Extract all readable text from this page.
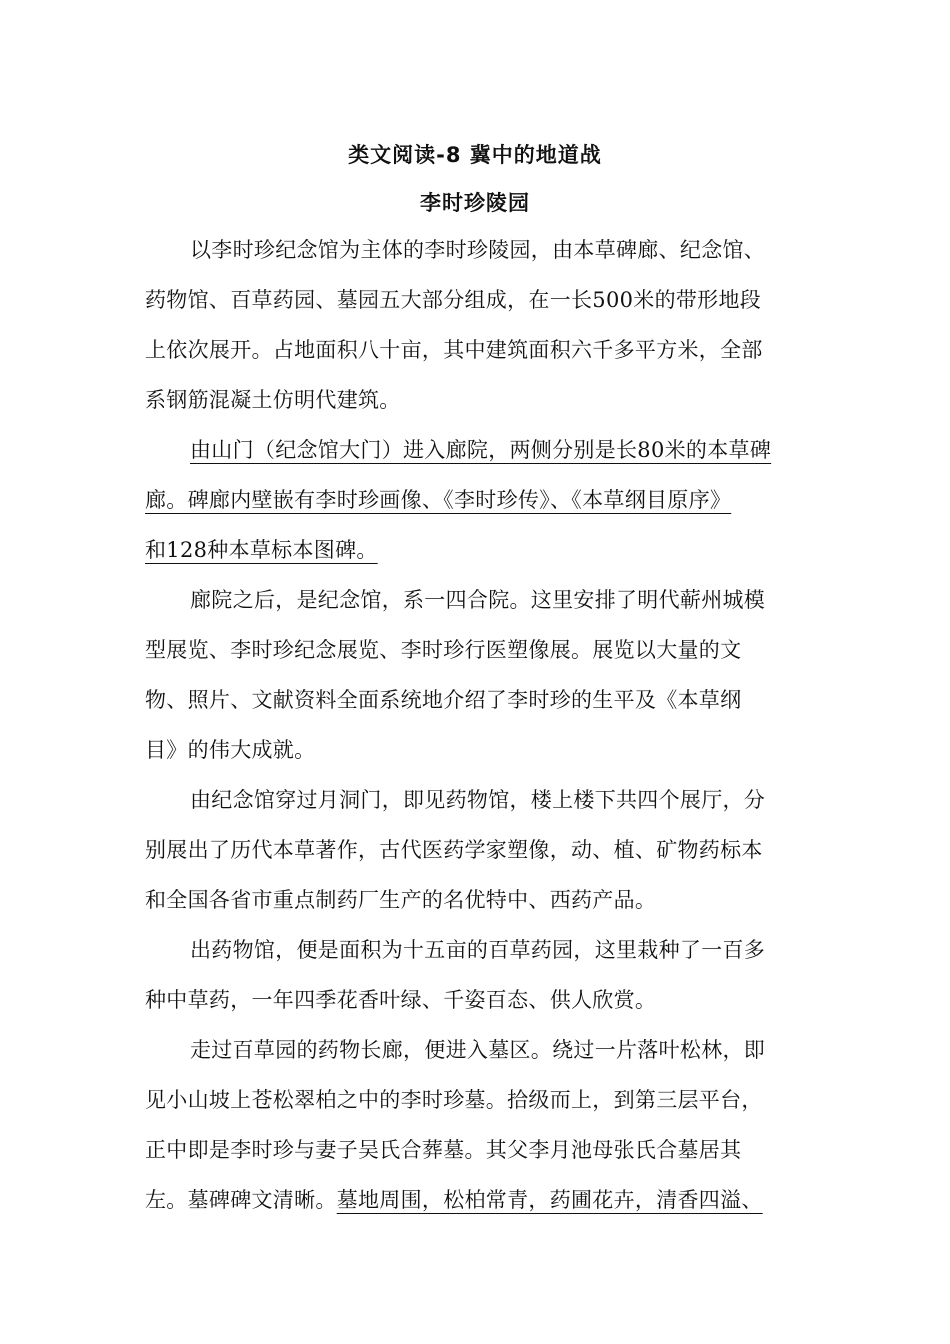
类文阅读-8 冀中的地道战
李时珍陵园
以李时珍纪念馆为主体的李时珍陵园，由本草碑廊、纪念馆、
药物馆、百草药园、墓园五大部分组成，在一长500米的带形地段
上依次展开。占地面积八十亩，其中建筑面积六千多平方米，全部
系钢筋混凝土仿明代建筑。
由山门（纪念馆大门）进入廊院，两侧分别是长80米的本草碑
廊。碑廊内壁嵌有李时珍画像、《李时珍传》、《本草纲目原序》
和128种本草标本图碑。
廊院之后，是纪念馆，系一四合院。这里安排了明代蕲州城模
型展览、李时珍纪念展览、李时珍行医塑像展。展览以大量的文
物、照片、文献资料全面系统地介绍了李时珍的生平及《本草纲
目》的伟大成就。
由纪念馆穿过月洞门，即见药物馆，楼上楼下共四个展厅，分
别展出了历代本草著作，古代医药学家塑像，动、植、矿物药标本
和全国各省市重点制药厂生产的名优特中、西药产品。
出药物馆，便是面积为十五亩的百草药园，这里栽种了一百多
种中草药，一年四季花香叶绿、千姿百态、供人欣赏。
走过百草园的药物长廊，便进入墓区。绕过一片落叶松林，即
见小山坡上苍松翠柏之中的李时珍墓。拾级而上，到第三层平台，
正中即是李时珍与妻子吴氏合葬墓。其父李月池母张氏合墓居其
左。墓碑碑文清晰。墓地周围，松柏常青，药圃花卉，清香四溢、
